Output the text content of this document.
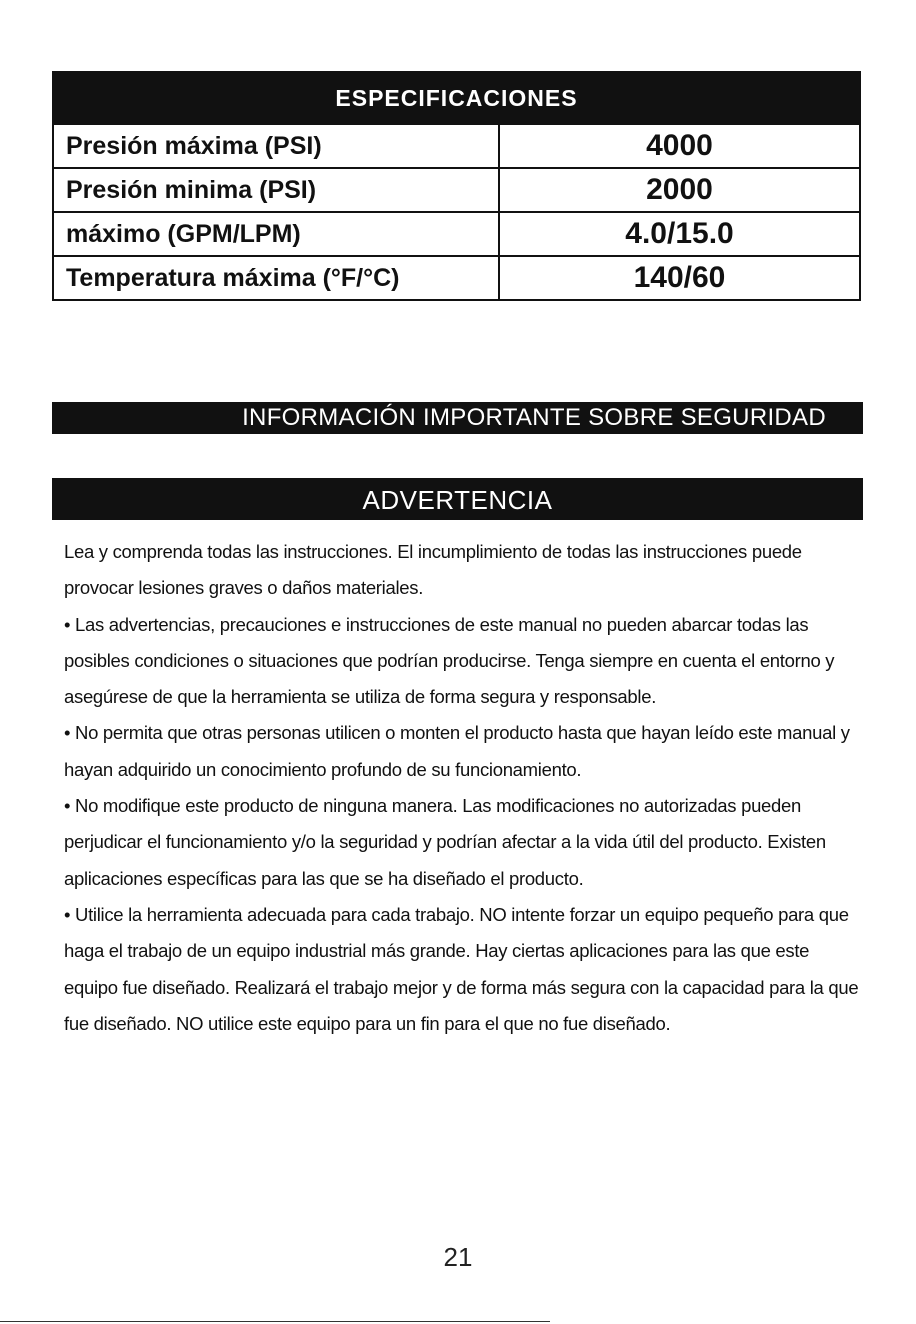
ESPECIFICACIONES	
Presión máxima (PSI)	4000
Presión minima (PSI)	2000
máximo (GPM/LPM)	4.0/15.0
Temperatura máxima (°F/°C)	140/60
INFORMACIÓN IMPORTANTE SOBRE SEGURIDAD
ADVERTENCIA

Lea y comprenda todas las instrucciones. El incumplimiento de todas las instrucciones puede provocar lesiones graves o daños materiales.

• Las advertencias, precauciones e instrucciones de este manual no pueden abarcar todas las posibles condiciones o situaciones que podrían producirse. Tenga siempre en cuenta el entorno y asegúrese de que la herramienta se utiliza de forma segura y responsable.

• No permita que otras personas utilicen o monten el producto hasta que hayan leído este manual y hayan adquirido un conocimiento profundo de su funcionamiento.

• No modifique este producto de ninguna manera. Las modificaciones no autorizadas pueden perjudicar el funcionamiento y/o la seguridad y podrían afectar a la vida útil del producto. Existen aplicaciones específicas para las que se ha diseñado el producto.

• Utilice la herramienta adecuada para cada trabajo. NO intente forzar un equipo pequeño para que haga el trabajo de un equipo industrial más grande. Hay ciertas aplicaciones para las que este equipo fue diseñado. Realizará el trabajo mejor y de forma más segura con la capacidad para la que fue diseñado. NO utilice este equipo para un fin para el que no fue diseñado.

21
